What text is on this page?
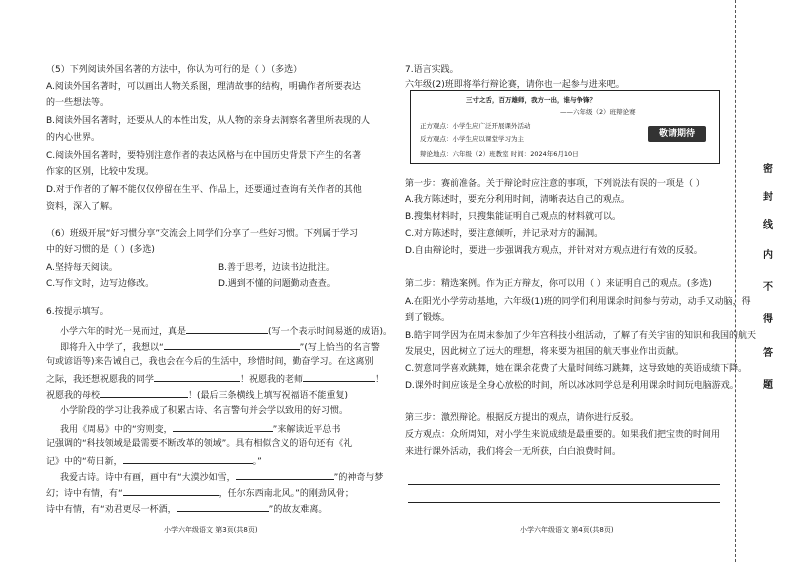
（5）下列阅读外国名著的方法中，你认为可行的是（ ）（多选）
A.阅读外国名著时，可以画出人物关系图，理清故事的结构，明确作者所要表达
的一些想法等。
B.阅读外国名著时，还要从人的本性出发，从人物的亲身去洞察名著里所表现的人
的内心世界。
C.阅读外国名著时，要特别注意作者的表达风格与在中国历史背景下产生的名著
作家的区别，比较中发现。
D.对于作者的了解不能仅仅停留在生平、作品上，还要通过查询有关作者的其他
资料，深入了解。
（6）班级开展“好习惯分享”交流会上同学们分享了一些好习惯。下列属于学习
中的好习惯的是（ ）(多选)
A.坚持每天阅读。	B.善于思考，边读书边批注。
C.写作文时，边写边修改。	D.遇到不懂的问题勤动查查。
6.按提示填写。
小学六年的时光一晃而过，真是	(写一个表示时间易逝的成语)。
即将升入中学了，我想以“	”(写上恰当的名言警
句或谚语等)来告诫自己，我也会在今后的生活中，珍惜时间，勤奋学习。在这离别
之际，我还想祝愿我的同学	！祝愿我的老师	！
祝愿我的母校	！(最后三条横线上填写祝福语不能重复)
小学阶段的学习让我养成了积累古诗、名言警句并会学以致用的好习惯。
我用《周易》中的“穷则变，	”来解读近平总书
记强调的“科技领域是最需要不断改革的领域”。具有相似含义的语句还有《礼
记》中的“苟日新，	。”
我爱古诗。诗中有画，画中有“大漠沙如雪，	”的神奇与梦
幻；诗中有情，有“	，任尔东西南北风。”的刚劲风骨；
诗中有情，有“劝君更尽一杯酒，	”的故友难离。
小学六年级语文 第3页(共8页)
7.语言实践。
六年级(2)班即将举行辩论赛，请你也一起参与进来吧。
三寸之舌，百万雄师，我方一出，谁与争锋？
——六年级（2）班辩论赛
正方观点：小学生应广泛开展课外活动
反方观点：小学生应以课堂学习为主
辩论地点：六年级（2）班教室 时间：2024年6月10日
敬请期待
第一步：赛前准备。关于辩论时应注意的事项，下列说法有误的一项是（ ）
A.我方陈述时，要充分利用时间，清晰表达自己的观点。
B.搜集材料时，只搜集能证明自己观点的材料就可以。
C.对方陈述时，要注意倾听，并记录对方的漏洞。
D.自由辩论时，要进一步强调我方观点，并针对对方观点进行有效的反驳。
第二步：精选案例。作为正方辩友，你可以用（ ）来证明自己的观点。(多选)
A.在阳光小学劳动基地，六年级(1)班的同学们利用课余时间参与劳动，动手又动脑，得
到了锻炼。
B.皓宇同学因为在周末参加了少年宫科技小组活动，了解了有关宇宙的知识和我国的航天
发展史，因此树立了远大的理想，将来要为祖国的航天事业作出贡献。
C.贺意同学喜欢跳舞，她在课余花费了大量时间练习跳舞，这导致她的英语成绩下降。
D.课外时间应该是全身心放松的时间，所以冰冰同学总是利用课余时间玩电脑游戏。
第三步：激烈辩论。根据反方提出的观点，请你进行反驳。
反方观点：众所周知，对小学生来说成绩是最重要的。如果我们把宝贵的时间用
来进行课外活动，我们将会一无所获，白白浪费时间。
小学六年级语文 第4页(共8页)
密
封
线
内
不
得
答
题
